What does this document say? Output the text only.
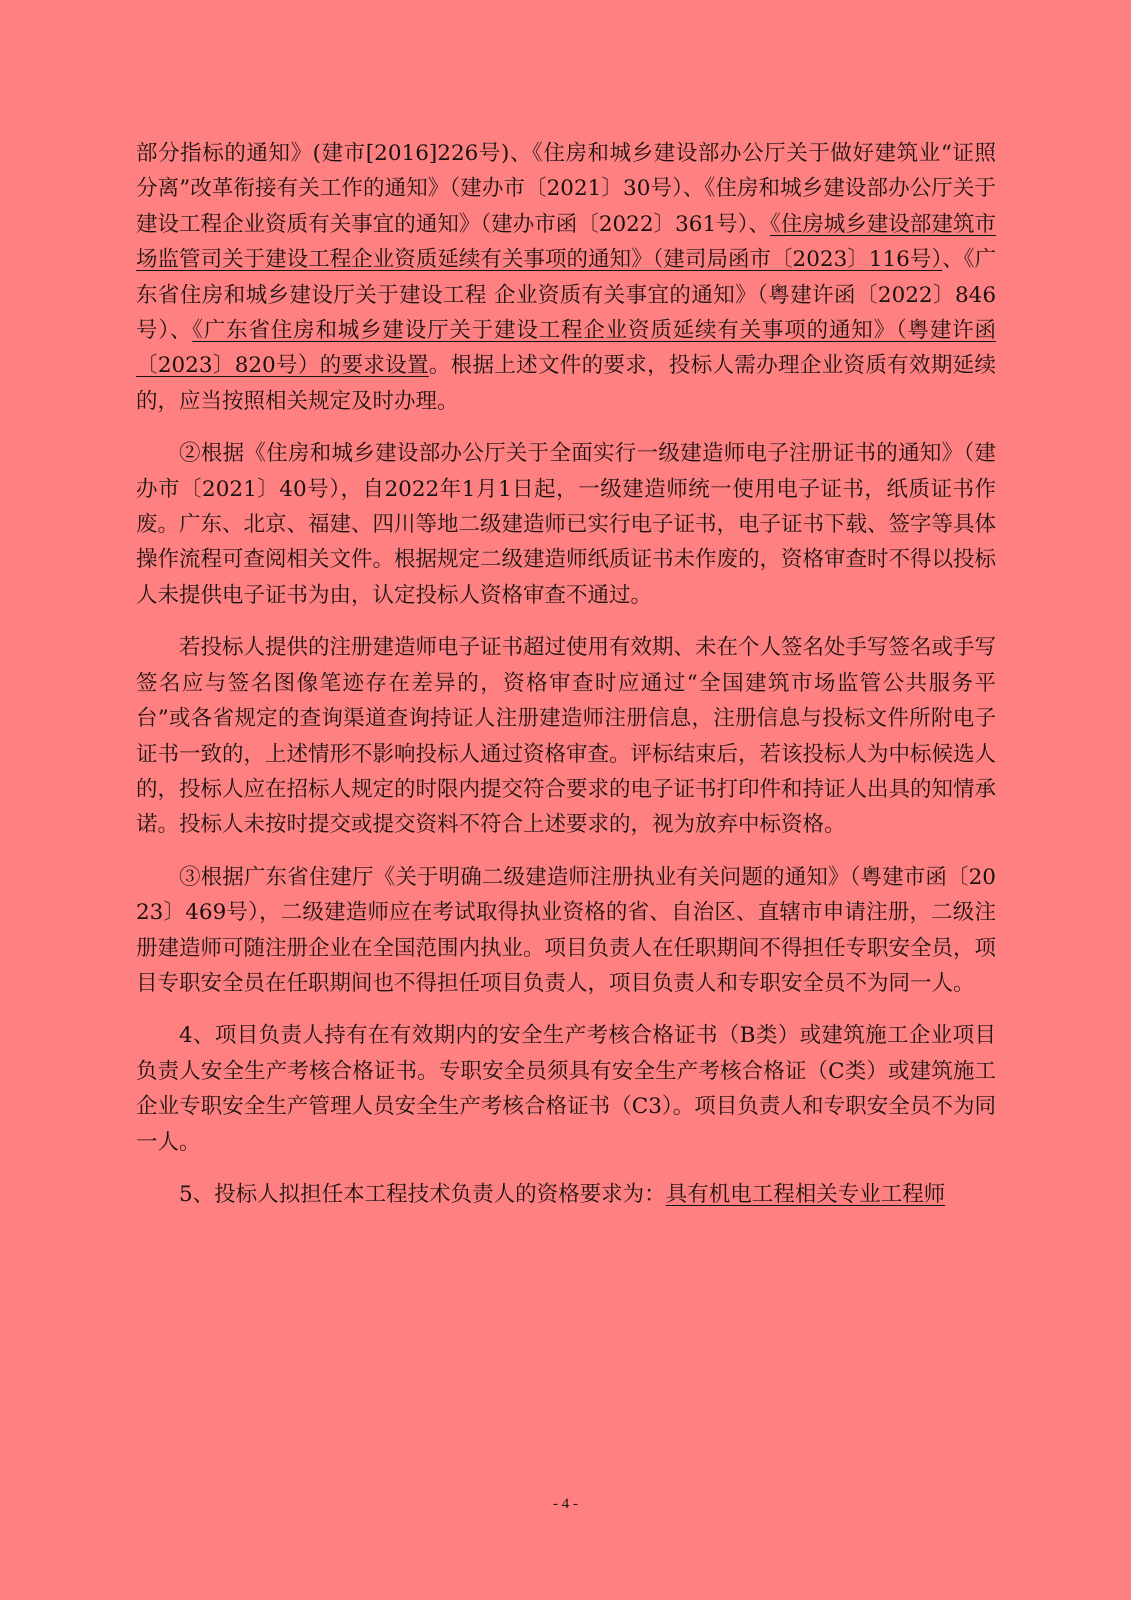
部分指标的通知》(建市[2016]226号)、《住房和城乡建设部办公厅关于做好建筑业“证照分离”改革衔接有关工作的通知》（建办市〔2021〕30号）、《住房和城乡建设部办公厅关于建设工程企业资质有关事宜的通知》（建办市函〔2022〕361号）、《住房城乡建设部建筑市场监管司关于建设工程企业资质延续有关事项的通知》（建司局函市〔2023〕116号）、《广东省住房和城乡建设厅关于建设工程 企业资质有关事宜的通知》（粤建许函〔2022〕846号）、《广东省住房和城乡建设厅关于建设工程企业资质延续有关事项的通知》（粤建许函〔2023〕820号）的要求设置。根据上述文件的要求，投标人需办理企业资质有效期延续的，应当按照相关规定及时办理。

②根据《住房和城乡建设部办公厅关于全面实行一级建造师电子注册证书的通知》（建办市〔2021〕40号），自2022年1月1日起，一级建造师统一使用电子证书，纸质证书作废。广东、北京、福建、四川等地二级建造师已实行电子证书，电子证书下载、签字等具体操作流程可查阅相关文件。根据规定二级建造师纸质证书未作废的，资格审查时不得以投标人未提供电子证书为由，认定投标人资格审查不通过。

若投标人提供的注册建造师电子证书超过使用有效期、未在个人签名处手写签名或手写签名应与签名图像笔迹存在差异的，资格审查时应通过“全国建筑市场监管公共服务平台”或各省规定的查询渠道查询持证人注册建造师注册信息，注册信息与投标文件所附电子证书一致的，上述情形不影响投标人通过资格审查。评标结束后，若该投标人为中标候选人的，投标人应在招标人规定的时限内提交符合要求的电子证书打印件和持证人出具的知情承诺。投标人未按时提交或提交资料不符合上述要求的，视为放弃中标资格。

③根据广东省住建厅《关于明确二级建造师注册执业有关问题的通知》（粤建市函〔2023〕469号），二级建造师应在考试取得执业资格的省、自治区、直辖市申请注册，二级注册建造师可随注册企业在全国范围内执业。项目负责人在任职期间不得担任专职安全员，项目专职安全员在任职期间也不得担任项目负责人，项目负责人和专职安全员不为同一人。

4、项目负责人持有在有效期内的安全生产考核合格证书（B类）或建筑施工企业项目负责人安全生产考核合格证书。专职安全员须具有安全生产考核合格证（C类）或建筑施工企业专职安全生产管理人员安全生产考核合格证书（C3）。项目负责人和专职安全员不为同一人。

5、投标人拟担任本工程技术负责人的资格要求为：具有机电工程相关专业工程师

- 4 -
